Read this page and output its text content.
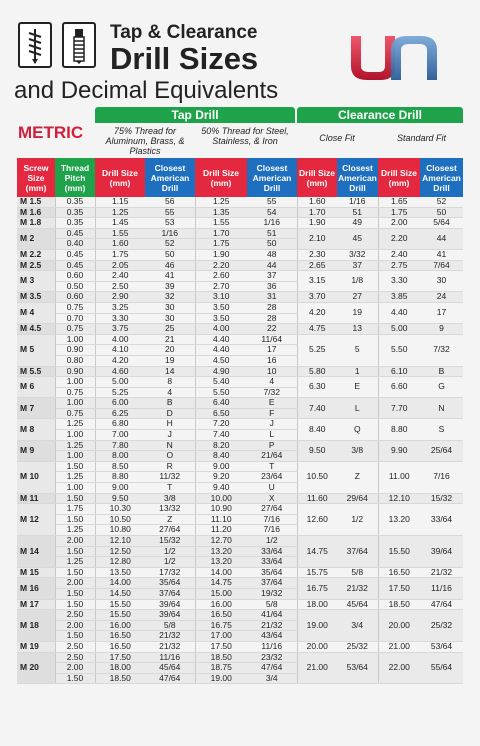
Tap & Clearance
Drill Sizes
and Decimal Equivalents
METRIC
Tap Drill	Clearance Drill
75% Thread for Aluminum, Brass, & Plastics
50% Thread for Steel, Stainless, & Iron	Close Fit	Standard Fit
Screw Size (mm)
Thread Pitch (mm)
Drill Size (mm)
Closest American Drill
Drill Size (mm)
Closest American Drill
Drill Size (mm)
Closest American Drill
Drill Size (mm)
Closest American Drill
M 1.5	0.35	1.15	56	1.25	55	1.60	1/16	1.65	52
M 1.6	0.35	1.25	55	1.35	54	1.70	51	1.75	50
M 1.8	0.35	1.45	53	1.55	1/16	1.90	49	2.00	5/64
M 2	0.45	1.55	1/16	1.70	51	2.10	45	2.20	44
	0.40	1.60	52	1.75	50				
M 2.2	0.45	1.75	50	1.90	48	2.30	3/32	2.40	41
M 2.5	0.45	2.05	46	2.20	44	2.65	37	2.75	7/64
M 3	0.60	2.40	41	2.60	37	3.15	1/8	3.30	30
	0.50	2.50	39	2.70	36				
M 3.5	0.60	2.90	32	3.10	31	3.70	27	3.85	24
M 4	0.75	3.25	30	3.50	28	4.20	19	4.40	17
	0.70	3.30	30	3.50	28				
M 4.5	0.75	3.75	25	4.00	22	4.75	13	5.00	9
M 5	1.00	4.00	21	4.40	11/64	5.25	5	5.50	7/32
	0.90	4.10	20	4.40	17				
	0.80	4.20	19	4.50	16				
M 5.5	0.90	4.60	14	4.90	10	5.80	1	6.10	B
M 6	1.00	5.00	8	5.40	4	6.30	E	6.60	G
	0.75	5.25	4	5.50	7/32				
M 7	1.00	6.00	B	6.40	E	7.40	L	7.70	N
	0.75	6.25	D	6.50	F				
M 8	1.25	6.80	H	7.20	J	8.40	Q	8.80	S
	1.00	7.00	J	7.40	L				
M 9	1.25	7.80	N	8.20	P	9.50	3/8	9.90	25/64
	1.00	8.00	O	8.40	21/64				
M 10	1.50	8.50	R	9.00	T	10.50	Z	11.00	7/16
	1.25	8.80	11/32	9.20	23/64				
	1.00	9.00	T	9.40	U				
M 11	1.50	9.50	3/8	10.00	X	11.60	29/64	12.10	15/32
M 12	1.75	10.30	13/32	10.90	27/64	12.60	1/2	13.20	33/64
	1.50	10.50	Z	11.10	7/16				
	1.25	10.80	27/64	11.20	7/16				
M 14	2.00	12.10	15/32	12.70	1/2	14.75	37/64	15.50	39/64
	1.50	12.50	1/2	13.20	33/64				
	1.25	12.80	1/2	13.20	33/64				
M 15	1.50	13.50	17/32	14.00	35/64	15.75	5/8	16.50	21/32
M 16	2.00	14.00	35/64	14.75	37/64	16.75	21/32	17.50	11/16
	1.50	14.50	37/64	15.00	19/32				
M 17	1.50	15.50	39/64	16.00	5/8	18.00	45/64	18.50	47/64
M 18	2.50	15.50	39/64	16.50	41/64	19.00	3/4	20.00	25/32
	2.00	16.00	5/8	16.75	21/32				
	1.50	16.50	21/32	17.00	43/64				
M 19	2.50	16.50	21/32	17.50	11/16	20.00	25/32	21.00	53/64
M 20	2.50	17.50	11/16	18.50	23/32	21.00	53/64	22.00	55/64
	2.00	18.00	45/64	18.75	47/64				
	1.50	18.50	47/64	19.00	3/4				
